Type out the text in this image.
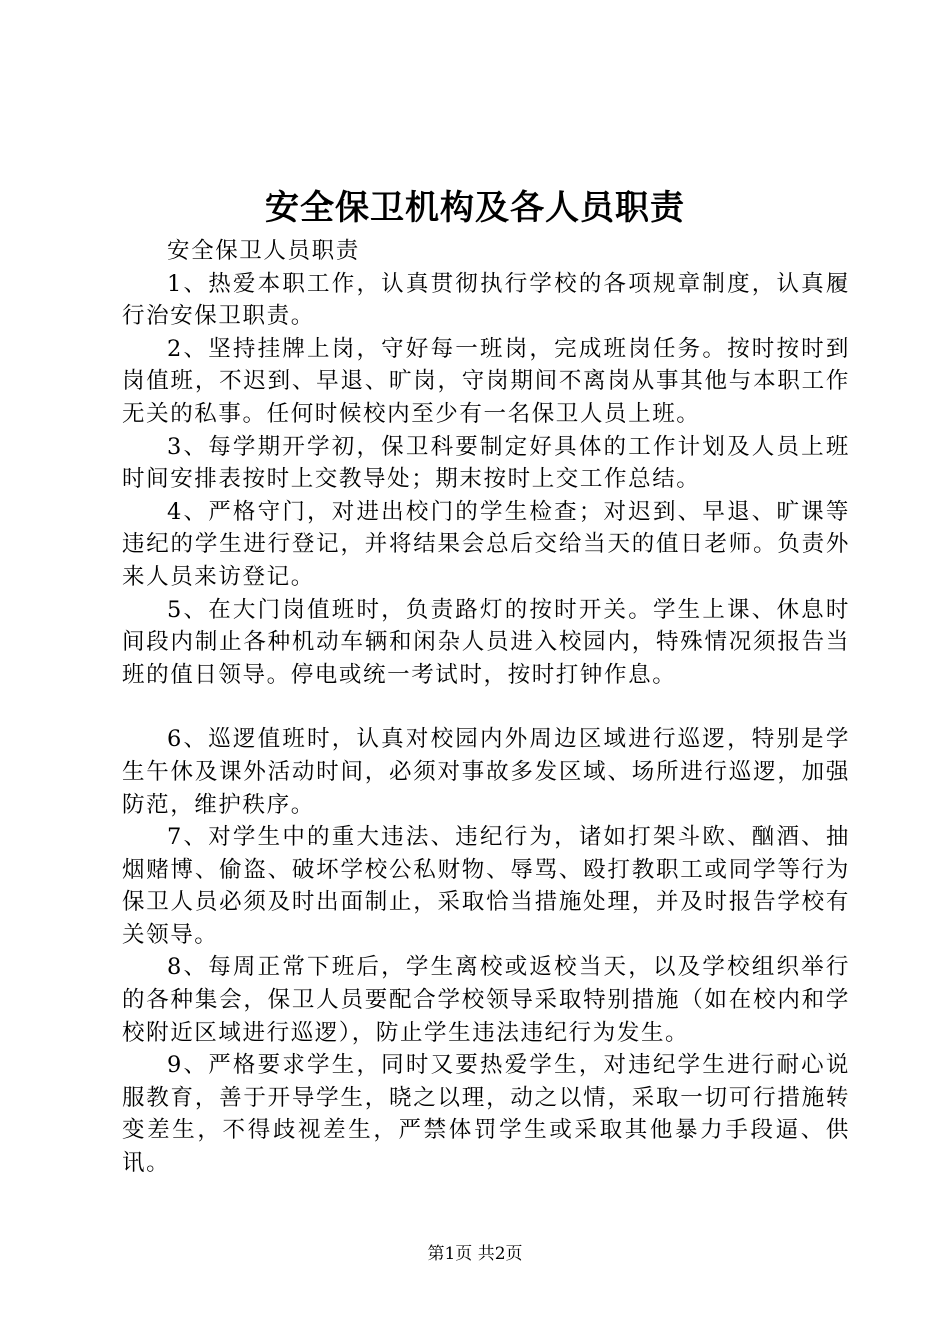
安全保卫机构及各人员职责

安全保卫人员职责

1、热爱本职工作，认真贯彻执行学校的各项规章制度，认真履行治安保卫职责。

2、坚持挂牌上岗，守好每一班岗，完成班岗任务。按时按时到岗值班，不迟到、早退、旷岗，守岗期间不离岗从事其他与本职工作无关的私事。任何时候校内至少有一名保卫人员上班。

3、每学期开学初，保卫科要制定好具体的工作计划及人员上班时间安排表按时上交教导处；期末按时上交工作总结。

4、严格守门，对进出校门的学生检查；对迟到、早退、旷课等违纪的学生进行登记，并将结果会总后交给当天的值日老师。负责外来人员来访登记。

5、在大门岗值班时，负责路灯的按时开关。学生上课、休息时间段内制止各种机动车辆和闲杂人员进入校园内，特殊情况须报告当班的值日领导。停电或统一考试时，按时打钟作息。

6、巡逻值班时，认真对校园内外周边区域进行巡逻，特别是学生午休及课外活动时间，必须对事故多发区域、场所进行巡逻，加强防范，维护秩序。

7、对学生中的重大违法、违纪行为，诸如打架斗欧、酗酒、抽烟赌博、偷盗、破坏学校公私财物、辱骂、殴打教职工或同学等行为保卫人员必须及时出面制止，采取恰当措施处理，并及时报告学校有关领导。

8、每周正常下班后，学生离校或返校当天，以及学校组织举行的各种集会，保卫人员要配合学校领导采取特别措施（如在校内和学校附近区域进行巡逻），防止学生违法违纪行为发生。

9、严格要求学生，同时又要热爱学生，对违纪学生进行耐心说服教育，善于开导学生，晓之以理，动之以情，采取一切可行措施转变差生，不得歧视差生，严禁体罚学生或采取其他暴力手段逼、供讯。

第1页 共2页
